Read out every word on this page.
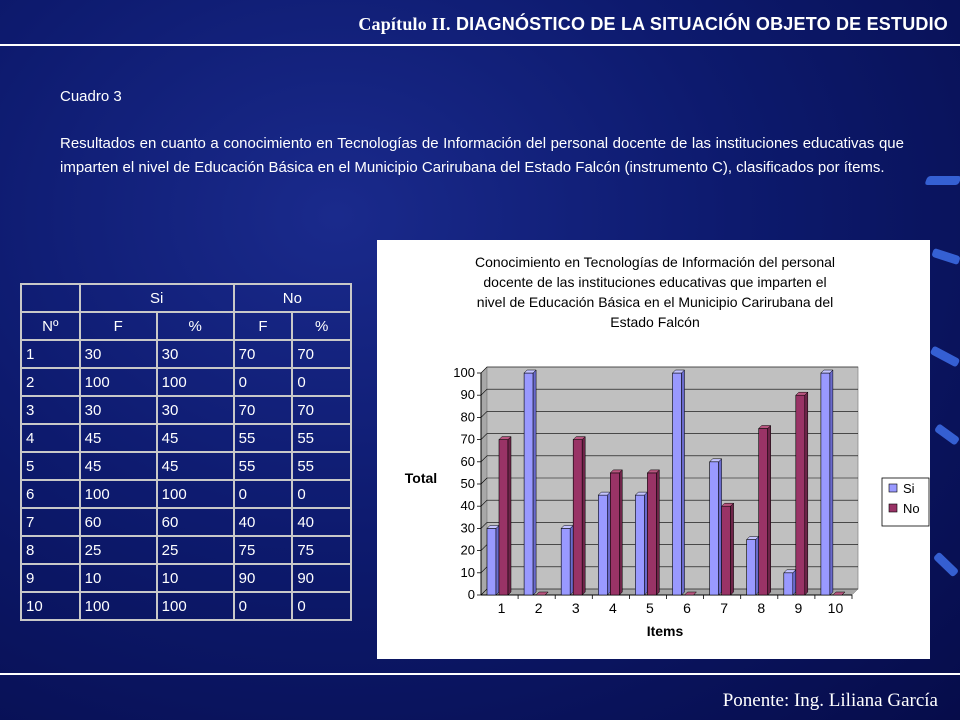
Capítulo II. DIAGNÓSTICO DE LA SITUACIÓN OBJETO DE ESTUDIO
Cuadro 3
Resultados en cuanto a conocimiento en Tecnologías de Información del personal docente de las instituciones educativas que imparten el nivel de Educación Básica en el Municipio Carirubana del Estado Falcón (instrumento C), clasificados por ítems.
	Si		No	
Nº	F	%	F	%
1	30	30	70	70
2	100	100	0	0
3	30	30	70	70
4	45	45	55	55
5	45	45	55	55
6	100	100	0	0
7	60	60	40	40
8	25	25	75	75
9	10	10	90	90
10	100	100	0	0
Conocimiento en Tecnologías de Información del personal
docente de las instituciones educativas que imparten el
nivel de Educación Básica en el Municipio Carirubana del
Estado Falcón
0
10
20
30
40
50
60
70
80
90
100
1 2 3 4 5 6 7 8 9 10
Total
Items
Si
No
Ponente: Ing. Liliana García
